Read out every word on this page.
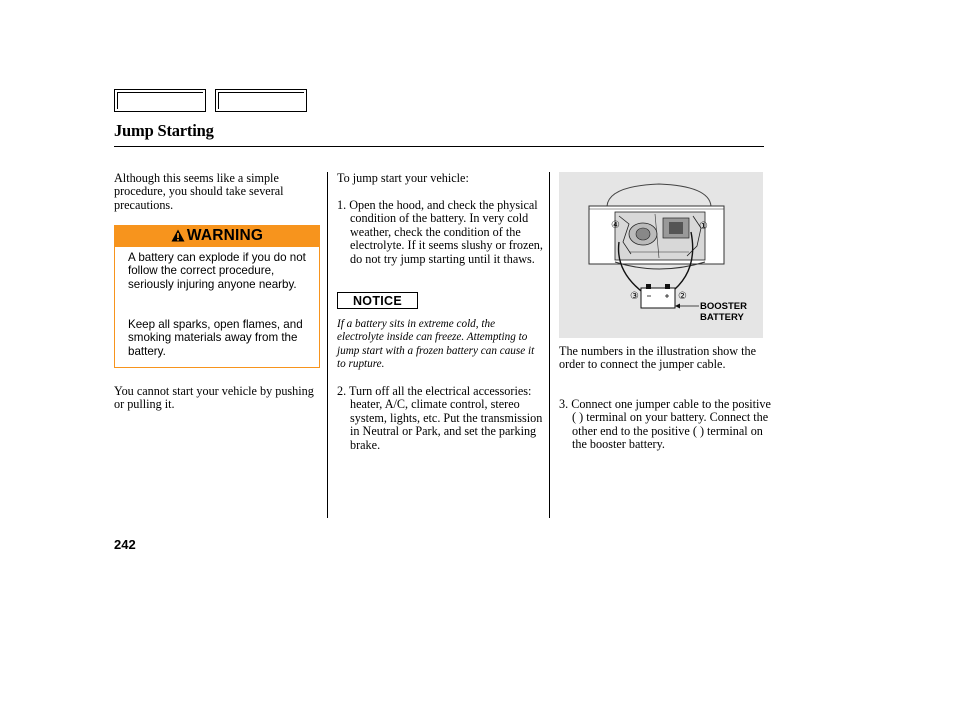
Jump Starting

Although this seems like a simple procedure, you should take several precautions.

WARNING

A battery can explode if you do not follow the correct procedure, seriously injuring anyone nearby.

Keep all sparks, open flames, and smoking materials away from the battery.

You cannot start your vehicle by pushing or pulling it.

To jump start your vehicle:

1. Open the hood, and check the physical condition of the battery. In very cold weather, check the condition of the electrolyte. If it seems slushy or frozen, do not try jump starting until it thaws.

NOTICE

If a battery sits in extreme cold, the electrolyte inside can freeze. Attempting to jump start with a frozen battery can cause it to rupture.

2. Turn off all the electrical accessories: heater, A/C, climate control, stereo system, lights, etc. Put the transmission in Neutral or Park, and set the parking brake.

④	①
③	②
BOOSTER
BATTERY

The numbers in the illustration show the order to connect the jumper cable.

3. Connect one jumper cable to the positive ( ) terminal on your battery. Connect the other end to the positive ( ) terminal on the booster battery.

242
